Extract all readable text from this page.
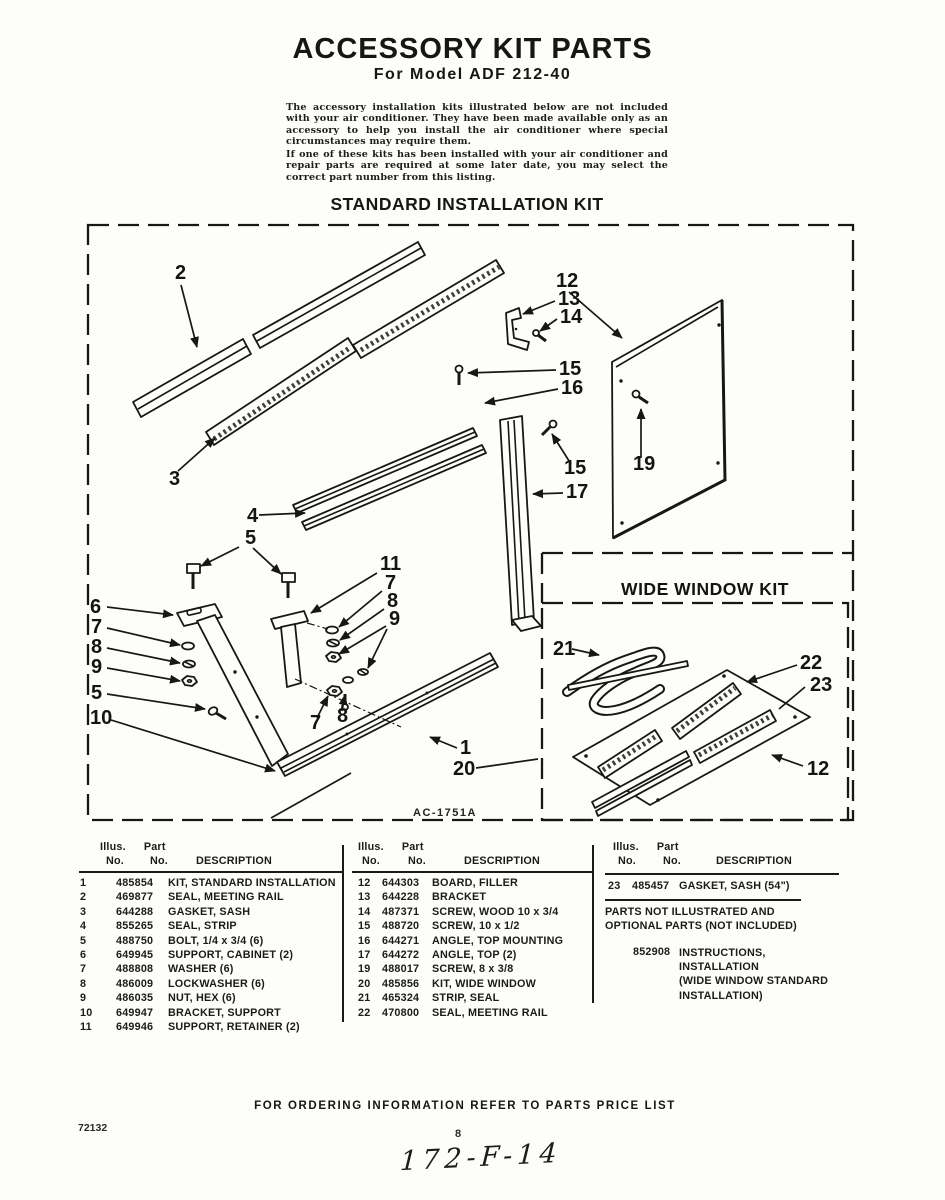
ACCESSORY KIT PARTS
For Model ADF 212-40

The accessory installation kits illustrated below are not included with your air conditioner. They have been made available only as an accessory to help you install the air conditioner where special circumstances may require them.

If one of these kits has been installed with your air conditioner and repair parts are required at some later date, you may select the correct part number from this listing.

STANDARD INSTALLATION KIT
WIDE WINDOW KIT
AC-1751A
2
3
4
5
12
13
14
15
16
19
15
17
6
7
8
9
5
10
11
7
8
9
7 8
1
20
21
22
23
12
Illus. Part
No. No.	DESCRIPTION
1	485854 KIT, STANDARD INSTALLATION
2	469877 SEAL, MEETING RAIL
3	644288 GASKET, SASH
4	855265 SEAL, STRIP
5	488750 BOLT, 1/4 x 3/4 (6)
6	649945 SUPPORT, CABINET (2)
7	488808 WASHER (6)
8	486009 LOCKWASHER (6)
9	486035 NUT, HEX (6)
10 649947 BRACKET, SUPPORT
11 649946 SUPPORT, RETAINER (2)
Illus. Part
No.	No.	DESCRIPTION
12 644303 BOARD, FILLER
13 644228 BRACKET
14 487371 SCREW, WOOD 10 x 3/4
15 488720 SCREW, 10 x 1/2
16 644271 ANGLE, TOP MOUNTING
17 644272 ANGLE, TOP (2)
19 488017 SCREW, 8 x 3/8
20 485856 KIT, WIDE WINDOW
21 465324 STRIP, SEAL
22 470800 SEAL, MEETING RAIL
Illus. Part
No.	No.	DESCRIPTION
23 485457 GASKET, SASH (54")
PARTS NOT ILLUSTRATED AND
OPTIONAL PARTS (NOT INCLUDED)
852908 INSTRUCTIONS,
INSTALLATION
(WIDE WINDOW STANDARD
INSTALLATION)
FOR ORDERING INFORMATION REFER TO PARTS PRICE LIST
72132	8
172-F-14
